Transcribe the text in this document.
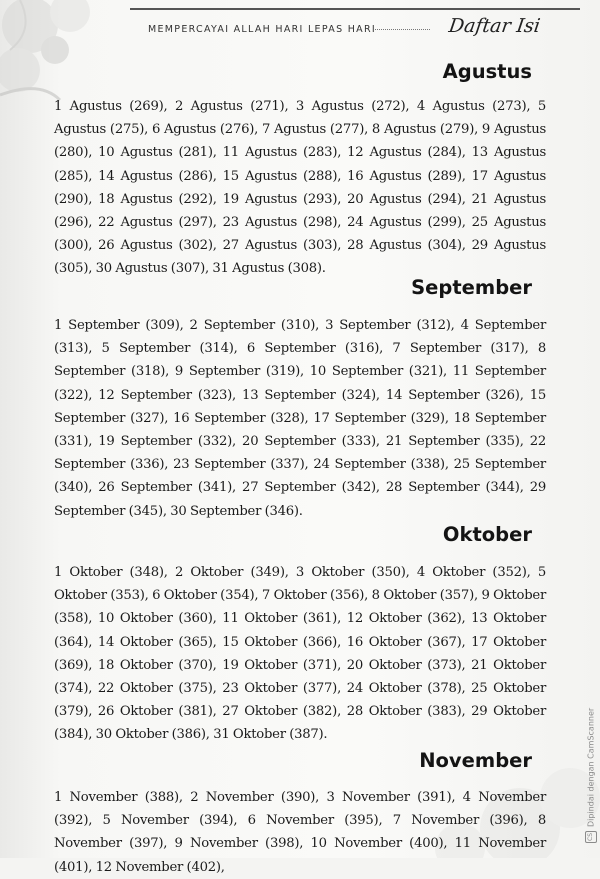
MEMPERCAYAI ALLAH HARI LEPAS HARI	Daftar Isi
Agustus
1 Agustus (269), 2 Agustus (271), 3 Agustus (272), 4 Agustus (273), 5 Agustus (275), 6 Agustus (276), 7 Agustus (277), 8 Agustus (279), 9 Agustus (280), 10 Agustus (281), 11 Agustus (283), 12 Agustus (284), 13 Agustus (285), 14 Agustus (286), 15 Agustus (288), 16 Agustus (289), 17 Agustus (290), 18 Agustus (292), 19 Agustus (293), 20 Agustus (294), 21 Agustus (296), 22 Agustus (297), 23 Agustus (298), 24 Agustus (299), 25 Agustus (300), 26 Agustus (302), 27 Agustus (303), 28 Agustus (304), 29 Agustus (305), 30 Agustus (307), 31 Agustus (308).
September
1 September (309), 2 September (310), 3 September (312), 4 September (313), 5 September (314), 6 September (316), 7 September (317), 8 September (318), 9 September (319), 10 September (321), 11 September (322), 12 September (323), 13 September (324), 14 September (326), 15 September (327), 16 September (328), 17 September (329), 18 September (331), 19 September (332), 20 September (333), 21 September (335), 22 September (336), 23 September (337), 24 September (338), 25 September (340), 26 September (341), 27 September (342), 28 September (344), 29 September (345), 30 September (346).
Oktober
1 Oktober (348), 2 Oktober (349), 3 Oktober (350), 4 Oktober (352), 5 Oktober (353), 6 Oktober (354), 7 Oktober (356), 8 Oktober (357), 9 Oktober (358), 10 Oktober (360), 11 Oktober (361), 12 Oktober (362), 13 Oktober (364), 14 Oktober (365), 15 Oktober (366), 16 Oktober (367), 17 Oktober (369), 18 Oktober (370), 19 Oktober (371), 20 Oktober (373), 21 Oktober (374), 22 Oktober (375), 23 Oktober (377), 24 Oktober (378), 25 Oktober (379), 26 Oktober (381), 27 Oktober (382), 28 Oktober (383), 29 Oktober (384), 30 Oktober (386), 31 Oktober (387).
November
1 November (388), 2 November (390), 3 November (391), 4 November (392), 5 November (394), 6 November (395), 7 November (396), 8 November (397), 9 November (398), 10 November (400), 11 November (401), 12 November (402),
CS
Dipindai dengan CamScanner
